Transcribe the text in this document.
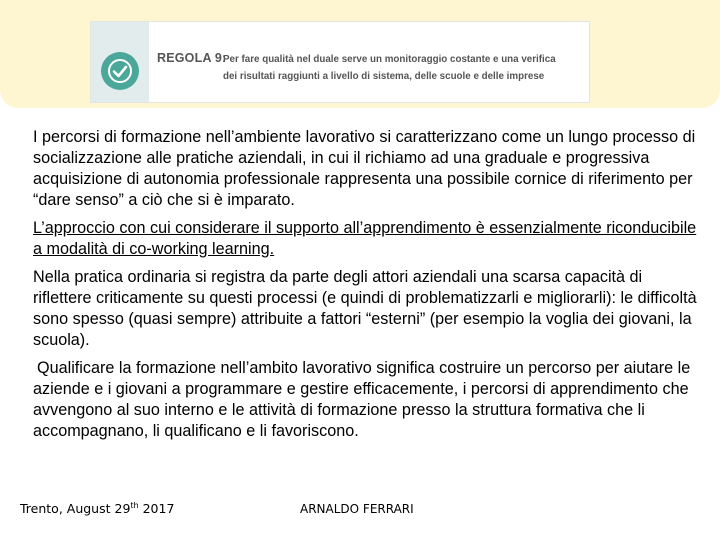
REGOLA 9:
Per fare qualità nel duale serve un monitoraggio costante e una verifica dei risultati raggiunti a livello di sistema, delle scuole e delle imprese

I percorsi di formazione nell’ambiente lavorativo si caratterizzano come un lungo processo di socializzazione alle pratiche aziendali, in cui il richiamo ad una graduale e progressiva acquisizione di autonomia professionale rappresenta una possibile cornice di riferimento per “dare senso” a ciò che si è imparato.

L’approccio con cui considerare il supporto all’apprendimento è essenzialmente riconducibile a modalità di co-working learning.

Nella pratica ordinaria si registra da parte degli attori aziendali una scarsa capacità di riflettere criticamente su questi processi (e quindi di problematizzarli e migliorarli): le difficoltà sono spesso (quasi sempre) attribuite a fattori “esterni” (per esempio la voglia dei giovani, la scuola).

Qualificare la formazione nell’ambito lavorativo significa costruire un percorso per aiutare le aziende e i giovani a programmare e gestire efficacemente, i percorsi di apprendimento che avvengono al suo interno e le attività di formazione presso la struttura formativa che li accompagnano, li qualificano e li favoriscono.

Trento, August 29th 2017	ARNALDO FERRARI
